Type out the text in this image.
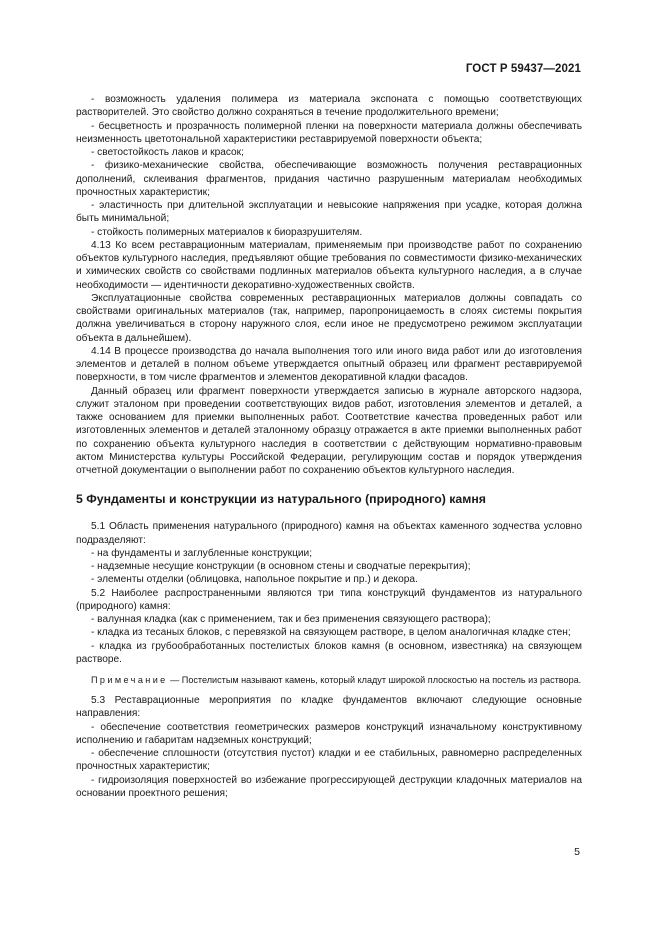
ГОСТ Р 59437—2021

- возможность удаления полимера из материала экспоната с помощью соответствующих растворителей. Это свойство должно сохраняться в течение продолжительного времени;

- бесцветность и прозрачность полимерной пленки на поверхности материала должны обеспечивать неизменность цветотональной характеристики реставрируемой поверхности объекта;

- светостойкость лаков и красок;

- физико-механические свойства, обеспечивающие возможность получения реставрационных дополнений, склеивания фрагментов, придания частично разрушенным материалам необходимых прочностных характеристик;

- эластичность при длительной эксплуатации и невысокие напряжения при усадке, которая должна быть минимальной;

- стойкость полимерных материалов к биоразрушителям.

4.13 Ко всем реставрационным материалам, применяемым при производстве работ по сохранению объектов культурного наследия, предъявляют общие требования по совместимости физико-механических и химических свойств со свойствами подлинных материалов объекта культурного наследия, а в случае необходимости — идентичности декоративно-художественных свойств.

Эксплуатационные свойства современных реставрационных материалов должны совпадать со свойствами оригинальных материалов (так, например, паропроницаемость в слоях системы покрытия должна увеличиваться в сторону наружного слоя, если иное не предусмотрено режимом эксплуатации объекта в дальнейшем).

4.14 В процессе производства до начала выполнения того или иного вида работ или до изготовления элементов и деталей в полном объеме утверждается опытный образец или фрагмент реставрируемой поверхности, в том числе фрагментов и элементов декоративной кладки фасадов.

Данный образец или фрагмент поверхности утверждается записью в журнале авторского надзора, служит эталоном при проведении соответствующих видов работ, изготовления элементов и деталей, а также основанием для приемки выполненных работ. Соответствие качества проведенных работ или изготовленных элементов и деталей эталонному образцу отражается в акте приемки выполненных работ по сохранению объекта культурного наследия в соответствии с действующим нормативно-правовым актом Министерства культуры Российской Федерации, регулирующим состав и порядок утверждения отчетной документации о выполнении работ по сохранению объектов культурного наследия.

5 Фундаменты и конструкции из натурального (природного) камня

5.1 Область применения натурального (природного) камня на объектах каменного зодчества условно подразделяют:

- на фундаменты и заглубленные конструкции;

- надземные несущие конструкции (в основном стены и сводчатые перекрытия);

- элементы отделки (облицовка, напольное покрытие и пр.) и декора.

5.2 Наиболее распространенными являются три типа конструкций фундаментов из натурального (природного) камня:

- валунная кладка (как с применением, так и без применения связующего раствора);

- кладка из тесаных блоков, с перевязкой на связующем растворе, в целом аналогичная кладке стен;

- кладка из грубообработанных постелистых блоков камня (в основном, известняка) на связующем растворе.

Примечание — Постелистым называют камень, который кладут широкой плоскостью на постель из раствора.

5.3 Реставрационные мероприятия по кладке фундаментов включают следующие основные направления:

- обеспечение соответствия геометрических размеров конструкций изначальному конструктивному исполнению и габаритам надземных конструкций;

- обеспечение сплошности (отсутствия пустот) кладки и ее стабильных, равномерно распределенных прочностных характеристик;

- гидроизоляция поверхностей во избежание прогрессирующей деструкции кладочных материалов на основании проектного решения;

5
